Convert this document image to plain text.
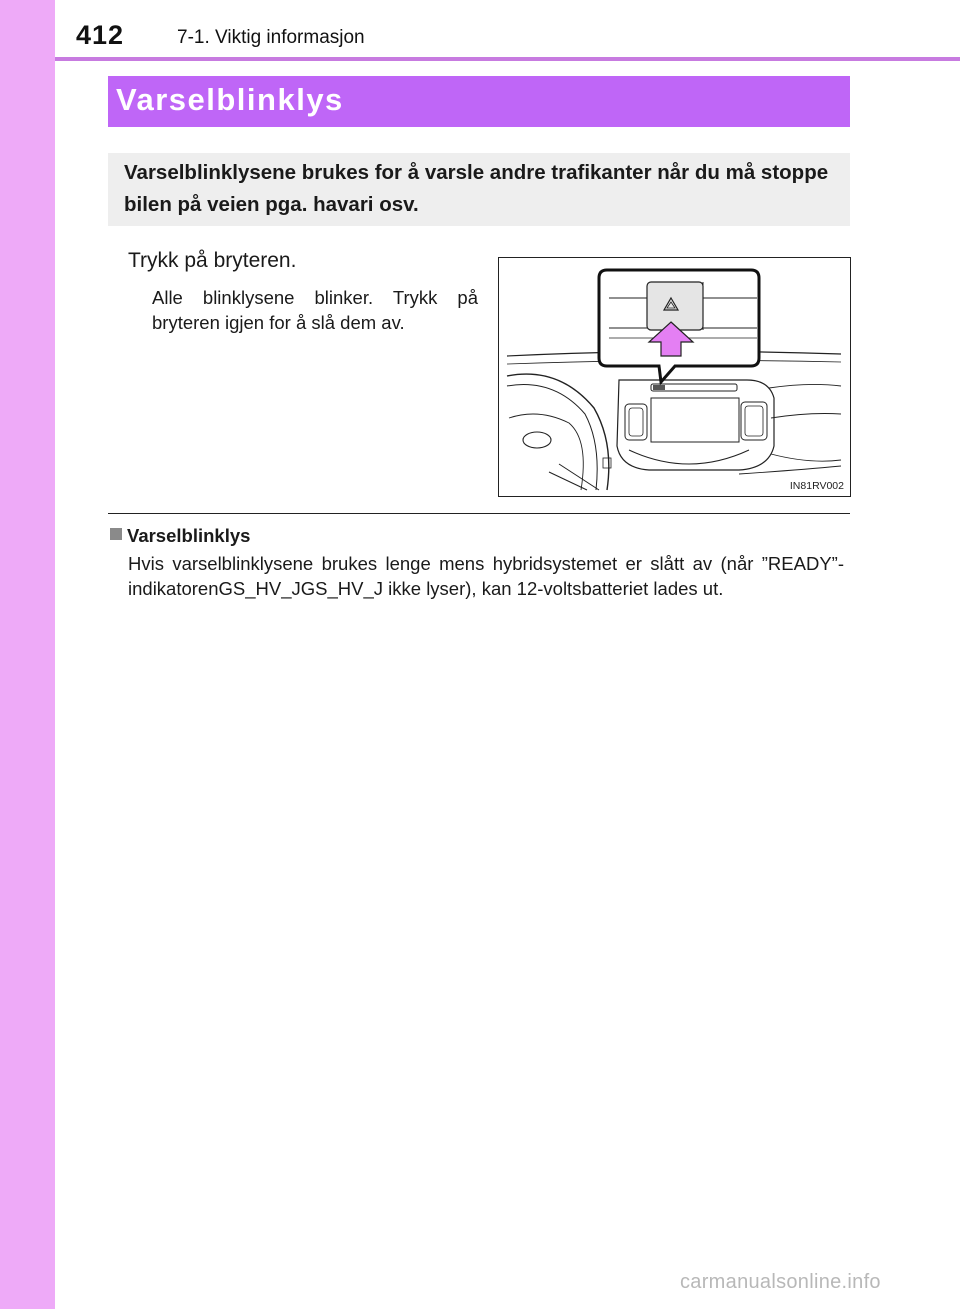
412	7-1. Viktig informasjon
Varselblinklys
Varselblinklysene brukes for å varsle andre trafikanter når du må stoppe bilen på veien pga. havari osv.
Trykk på bryteren.
Alle blinklysene blinker. Trykk på bryteren igjen for å slå dem av.
IN81RV002
Varselblinklys
Hvis varselblinklysene brukes lenge mens hybridsystemet er slått av (når ”READY”-indikatorenGS_HV_JGS_HV_J ikke lyser), kan 12-voltsbatteriet lades ut.
carmanualsonline.info
